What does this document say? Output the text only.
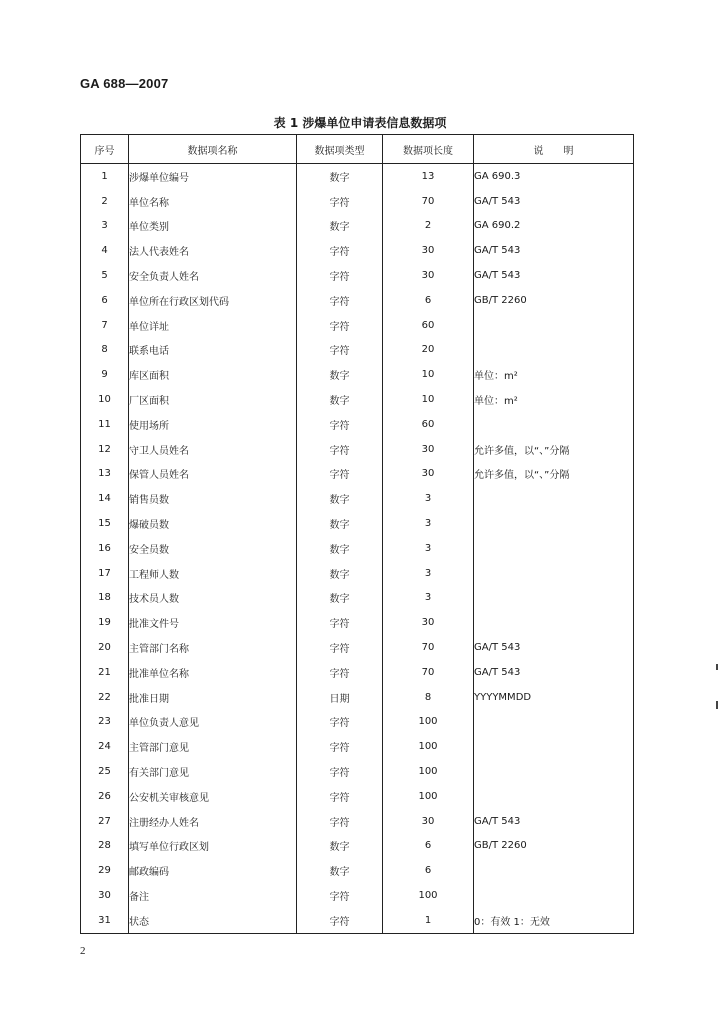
GA 688—2007
表 1 涉爆单位申请表信息数据项
序号	数据项名称	数据项类型	数据项长度	说　　明
1	涉爆单位编号	数字	13	GA 690.3
2	单位名称	字符	70	GA/T 543
3	单位类别	数字	2	GA 690.2
4	法人代表姓名	字符	30	GA/T 543
5	安全负责人姓名	字符	30	GA/T 543
6	单位所在行政区划代码	字符	6	GB/T 2260
7	单位详址	字符	60	
8	联系电话	字符	20	
9	库区面积	数字	10	单位：m²
10	厂区面积	数字	10	单位：m²
11	使用场所	字符	60	
12	守卫人员姓名	字符	30	允许多值，以“、”分隔
13	保管人员姓名	字符	30	允许多值，以“、”分隔
14	销售员数	数字	3	
15	爆破员数	数字	3	
16	安全员数	数字	3	
17	工程师人数	数字	3	
18	技术员人数	数字	3	
19	批准文件号	字符	30	
20	主管部门名称	字符	70	GA/T 543
21	批准单位名称	字符	70	GA/T 543
22	批准日期	日期	8	YYYYMMDD
23	单位负责人意见	字符	100	
24	主管部门意见	字符	100	
25	有关部门意见	字符	100	
26	公安机关审核意见	字符	100	
27	注册经办人姓名	字符	30	GA/T 543
28	填写单位行政区划	数字	6	GB/T 2260
29	邮政编码	数字	6	
30	备注	字符	100	
31	状态	字符	1	0：有效 1：无效
2
